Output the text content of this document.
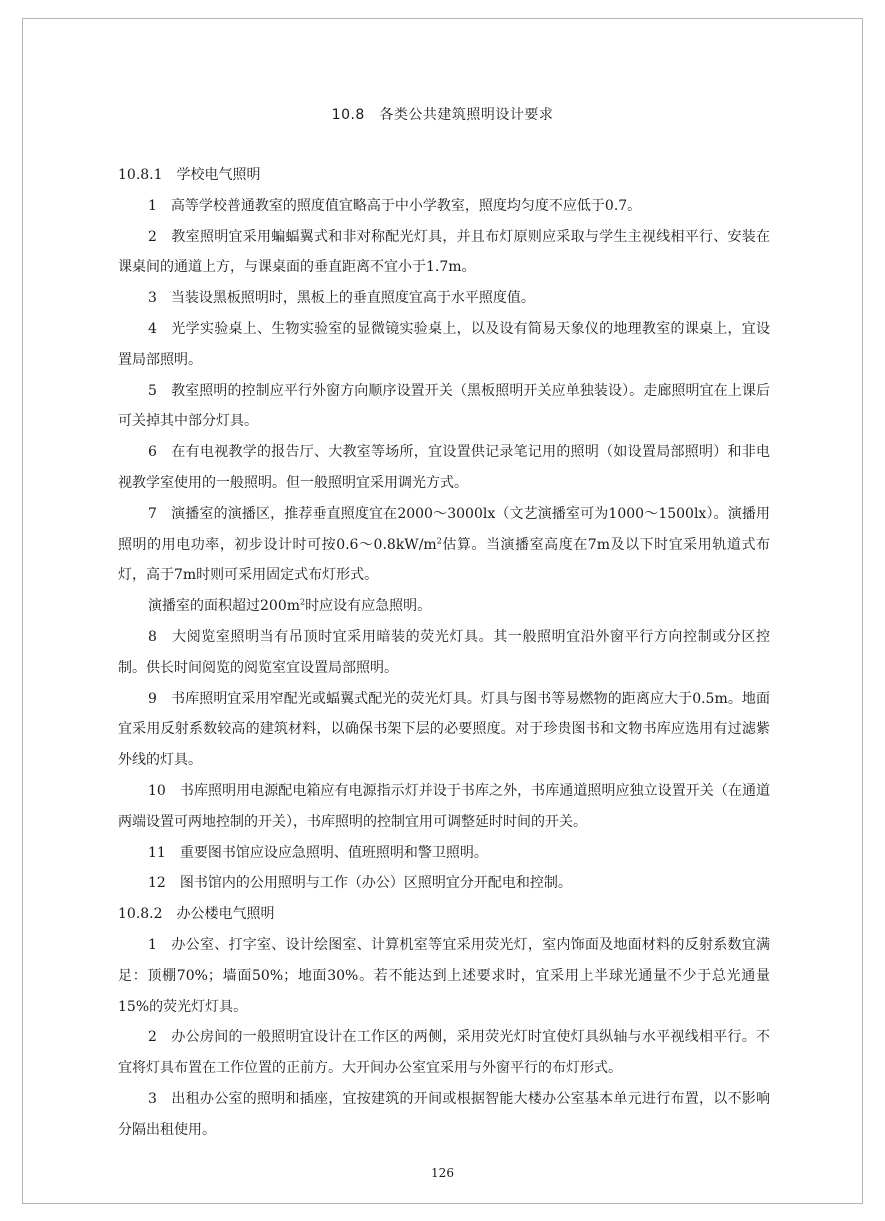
10.8　各类公共建筑照明设计要求

10.8.1　学校电气照明

1　高等学校普通教室的照度值宜略高于中小学教室，照度均匀度不应低于0.7。

2　教室照明宜采用蝙蝠翼式和非对称配光灯具，并且布灯原则应采取与学生主视线相平行、安装在课桌间的通道上方，与课桌面的垂直距离不宜小于1.7m。

3　当装设黑板照明时，黑板上的垂直照度宜高于水平照度值。

4　光学实验桌上、生物实验室的显微镜实验桌上，以及设有简易天象仪的地理教室的课桌上，宜设置局部照明。

5　教室照明的控制应平行外窗方向顺序设置开关（黑板照明开关应单独装设）。走廊照明宜在上课后可关掉其中部分灯具。

6　在有电视教学的报告厅、大教室等场所，宜设置供记录笔记用的照明（如设置局部照明）和非电视教学室使用的一般照明。但一般照明宜采用调光方式。

7　演播室的演播区，推荐垂直照度宜在2000～3000lx（文艺演播室可为1000～1500lx）。演播用照明的用电功率，初步设计时可按$0.6\sim 0.8kW/m^2$估算。当演播室高度在7m及以下时宜采用轨道式布灯，高于7m时则可采用固定式布灯形式。

演播室的面积超过$200m^2$时应设有应急照明。

8　大阅览室照明当有吊顶时宜采用暗装的荧光灯具。其一般照明宜沿外窗平行方向控制或分区控制。供长时间阅览的阅览室宜设置局部照明。

9　书库照明宜采用窄配光或蝠翼式配光的荧光灯具。灯具与图书等易燃物的距离应大于0.5m。地面宜采用反射系数较高的建筑材料，以确保书架下层的必要照度。对于珍贵图书和文物书库应选用有过滤紫外线的灯具。

10　书库照明用电源配电箱应有电源指示灯并设于书库之外，书库通道照明应独立设置开关（在通道两端设置可两地控制的开关），书库照明的控制宜用可调整延时时间的开关。

11　重要图书馆应设应急照明、值班照明和警卫照明。

12　图书馆内的公用照明与工作（办公）区照明宜分开配电和控制。

10.8.2　办公楼电气照明

1　办公室、打字室、设计绘图室、计算机室等宜采用荧光灯，室内饰面及地面材料的反射系数宜满足：顶棚70%；墙面50%；地面30%。若不能达到上述要求时，宜采用上半球光通量不少于总光通量15%的荧光灯灯具。

2　办公房间的一般照明宜设计在工作区的两侧，采用荧光灯时宜使灯具纵轴与水平视线相平行。不宜将灯具布置在工作位置的正前方。大开间办公室宜采用与外窗平行的布灯形式。

3　出租办公室的照明和插座，宜按建筑的开间或根据智能大楼办公室基本单元进行布置，以不影响分隔出租使用。

126
